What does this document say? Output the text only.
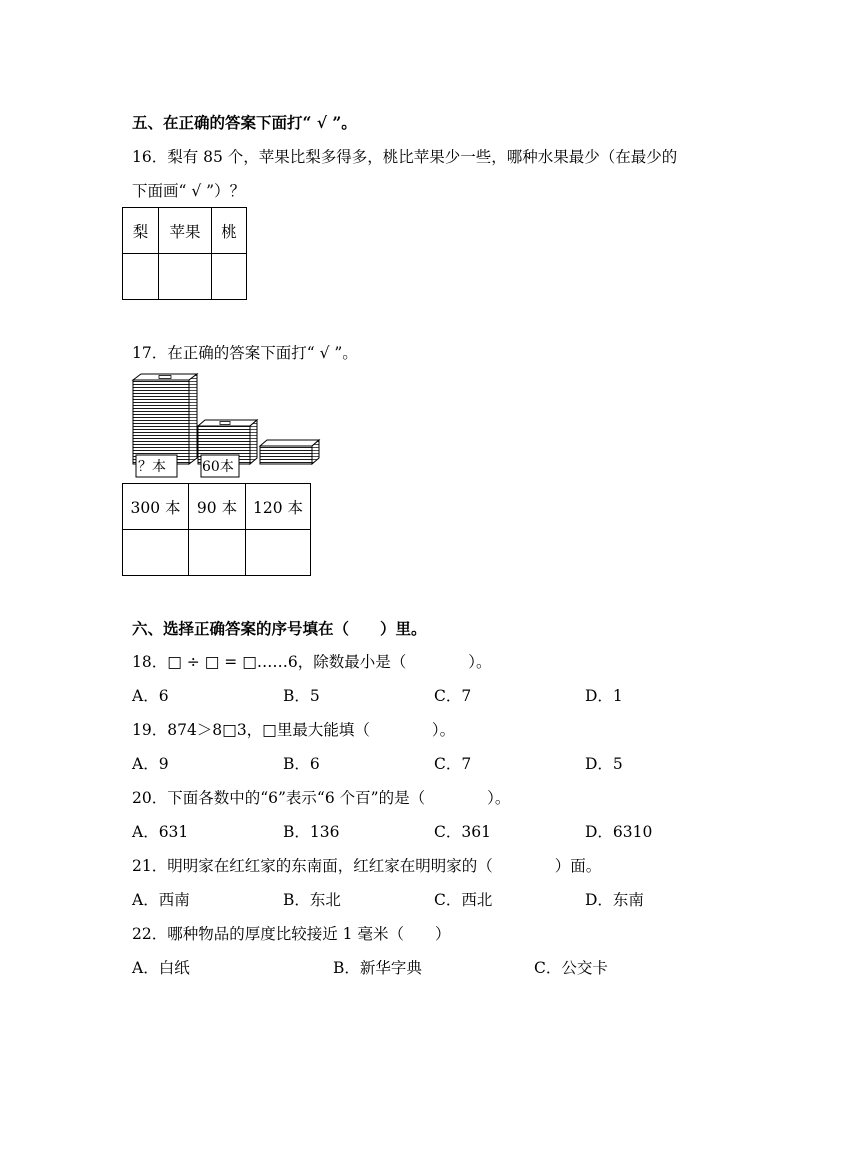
五、在正确的答案下面打“ √ ”。
16．梨有 85 个，苹果比梨多得多，桃比苹果少一些，哪种水果最少（在最少的
下面画“ √ ”）？
梨	苹果	桃

17．在正确的答案下面打“ √ ”。
？本	60本
300 本	90 本	120 本

六、选择正确答案的序号填在（　　）里。
18．□ ÷ □ = □……6，除数最小是（　　　　）。
A．6	B．5	C．7	D．1
19．874＞8□3，□里最大能填（　　　　）。
A．9	B．6	C．7	D．5
20．下面各数中的“6”表示“6 个百”的是（　　　　）。
A．631	B．136	C．361	D．6310
21．明明家在红红家的东南面，红红家在明明家的（　　　　）面。
A．西南	B．东北	C．西北	D．东南
22．哪种物品的厚度比较接近 1 毫米（　　）
A．白纸	B．新华字典	C．公交卡
